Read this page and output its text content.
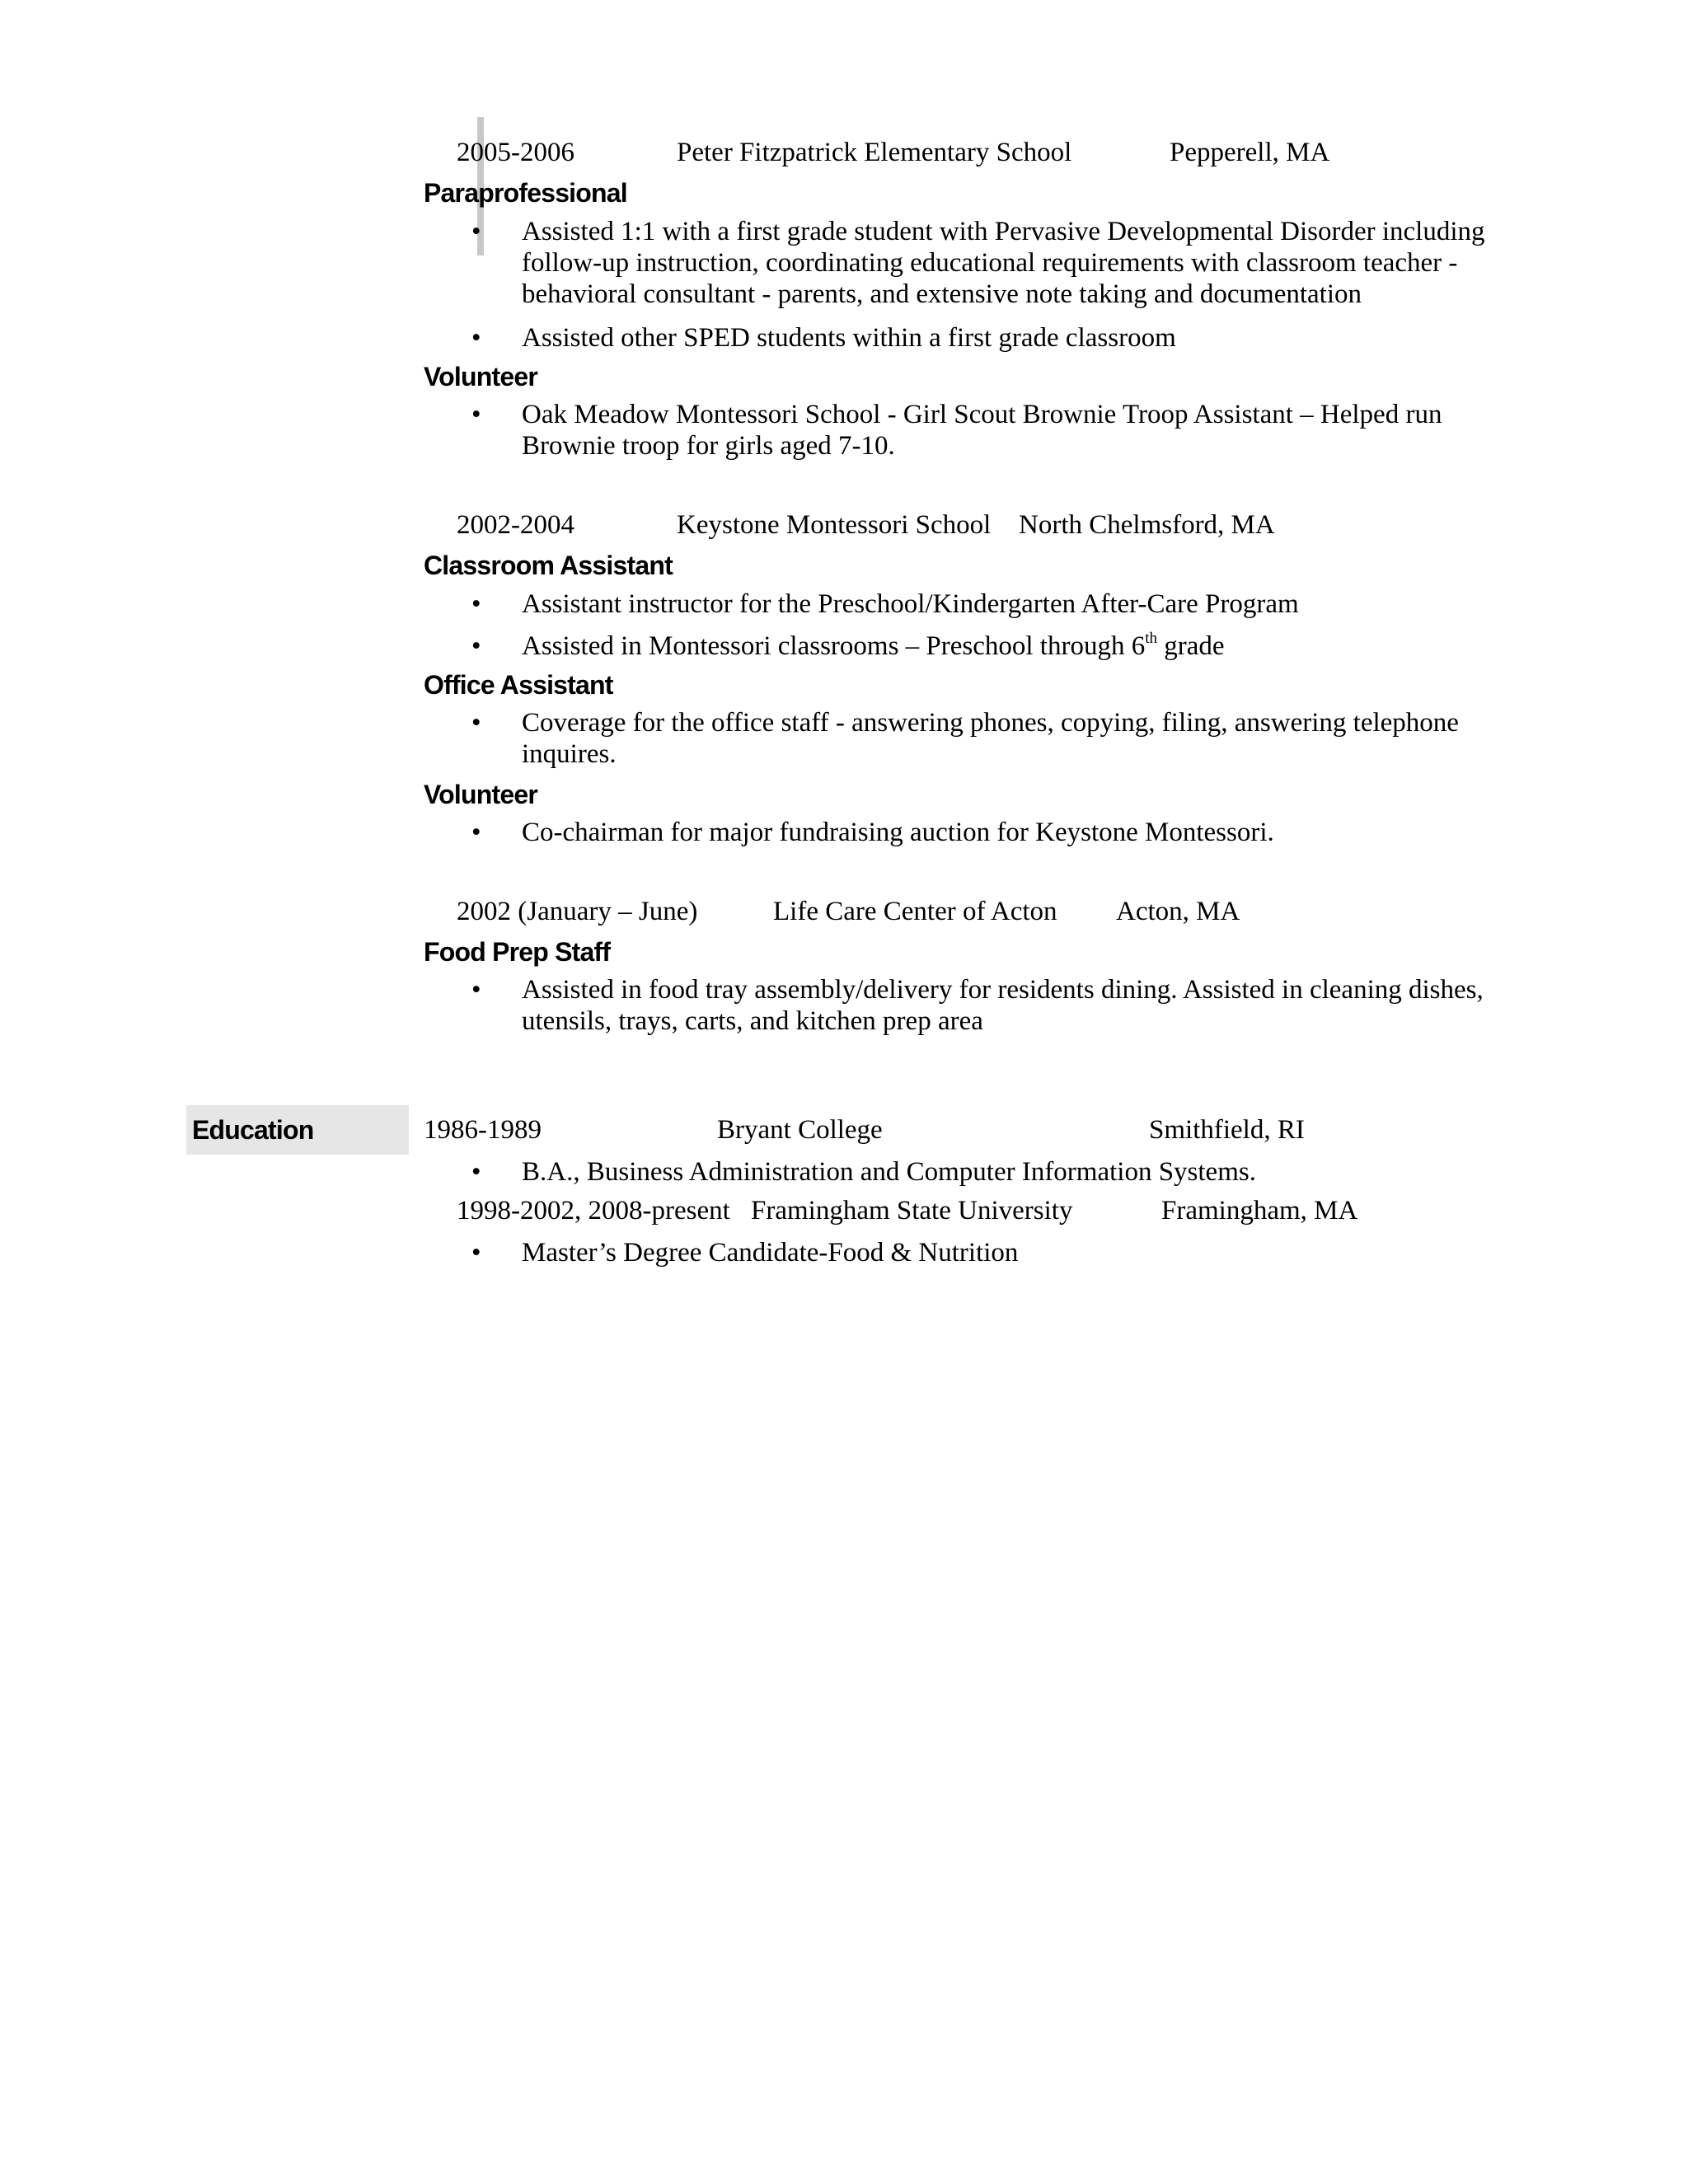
2005-2006	Peter Fitzpatrick Elementary School	Pepperell, MA
Paraprofessional
• Assisted 1:1 with a first grade student with Pervasive Developmental Disorder including follow-up instruction, coordinating educational requirements with classroom teacher - behavioral consultant - parents, and extensive note taking and documentation
• Assisted other SPED students within a first grade classroom
Volunteer
• Oak Meadow Montessori School - Girl Scout Brownie Troop Assistant – Helped run Brownie troop for girls aged 7-10.
2002-2004	Keystone Montessori School North Chelmsford, MA
Classroom Assistant
• Assistant instructor for the Preschool/Kindergarten After-Care Program
• Assisted in Montessori classrooms – Preschool through 6th grade
Office Assistant
• Coverage for the office staff - answering phones, copying, filing, answering telephone inquires.
Volunteer
• Co-chairman for major fundraising auction for Keystone Montessori.
2002 (January – June)	Life Care Center of Acton Acton, MA
Food Prep Staff
• Assisted in food tray assembly/delivery for residents dining. Assisted in cleaning dishes, utensils, trays, carts, and kitchen prep area
Education	1986-1989	Bryant College	Smithfield, RI
• B.A., Business Administration and Computer Information Systems.
1998-2002, 2008-present Framingham State University	Framingham, MA
• Master’s Degree Candidate-Food & Nutrition
